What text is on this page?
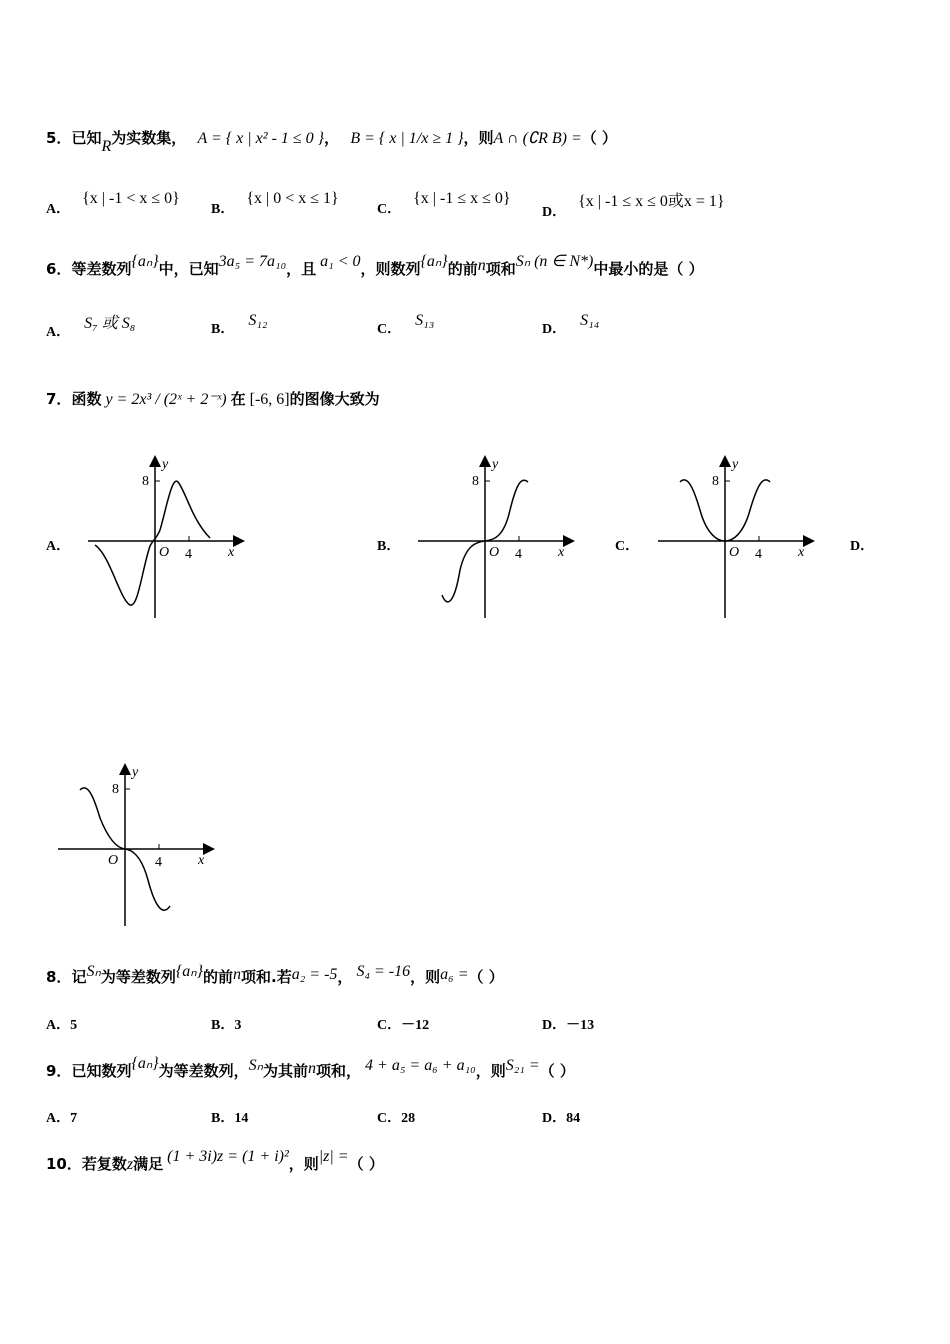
5．已知R为实数集， A = { x | x² - 1 ≤ 0 }， B = { x | 1/x ≥ 1 }，则A ∩ (∁R B) =（ ）
A．{x | -1 < x ≤ 0}
B．{x | 0 < x ≤ 1}
C．{x | -1 ≤ x ≤ 0}
D．{x | -1 ≤ x ≤ 0或x = 1}
6．等差数列{aₙ}中，已知3a₅ = 7a₁₀，且 a₁ < 0，则数列{aₙ}的前n项和Sₙ (n ∈ N*)中最小的是（ ）
A．S₇ 或 S₈	B．S₁₂
C．S₁₃
D．S₁₄
7．函数 y = 2x³ / (2ˣ + 2⁻ˣ) 在 [-6, 6]的图像大致为
A．	B．	C．	D．
y
x
O 4
8
y
x
O 4
8
y
x
O 4
8
y
x
O	4
8
8．记Sₙ为等差数列{aₙ}的前n项和.若a₂ = -5， S₄ = -16，则a₆ =（ ）
A．5	B．3	C．－12	D．－13
9．已知数列{aₙ}为等差数列，Sₙ为其前n项和， 4 + a₅ = a₆ + a₁₀，则S₂₁ =（ ）
A．7	B．14	C．28	D．84
10．若复数z满足 (1 + 3i)z = (1 + i)²，则|z| =（ ）
